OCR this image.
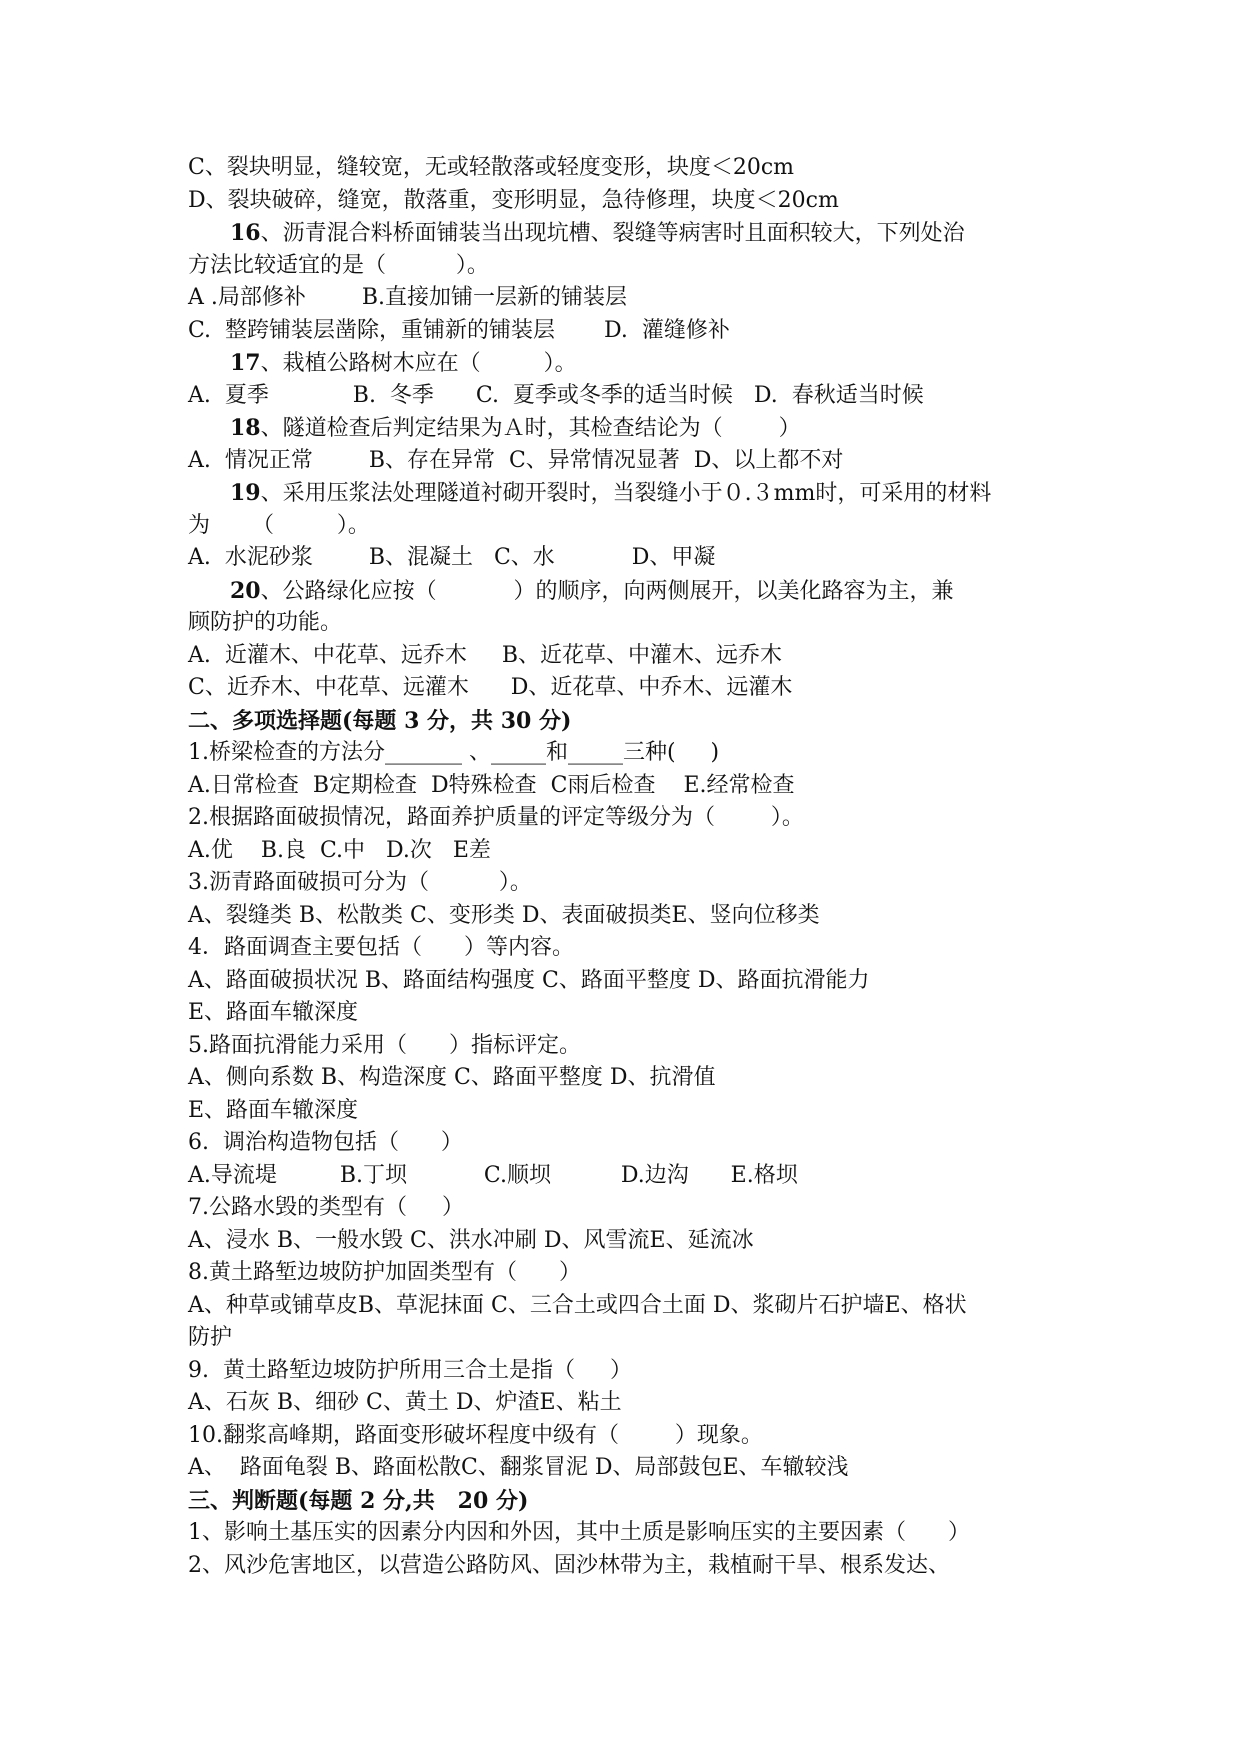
C、裂块明显，缝较宽，无或轻散落或轻度变形，块度＜20cm
D、裂块破碎，缝宽，散落重，变形明显，急待修理，块度＜20cm
16、沥青混合料桥面铺装当出现坑槽、裂缝等病害时且面积较大，下列处治
方法比较适宜的是（          ）。
A .局部修补        B.直接加铺一层新的铺装层
C.  整跨铺装层凿除，重铺新的铺装层       D.  灌缝修补
17、栽植公路树木应在（         ）。
A.  夏季            B.  冬季      C.  夏季或冬季的适当时候   D.  春秋适当时候
18、隧道检查后判定结果为Ａ时，其检查结论为（        ）
A.  情况正常        B、存在异常  C、异常情况显著  D、以上都不对
19、采用压浆法处理隧道衬砌开裂时，当裂缝小于０.３mm时，可采用的材料
为      （         ）。
A.  水泥砂浆        B、混凝土   C、水           D、甲凝
20、公路绿化应按（           ）的顺序，向两侧展开，以美化路容为主，兼
顾防护的功能。
A.  近灌木、中花草、远乔木     B、近花草、中灌木、远乔木
C、近乔木、中花草、远灌木      D、近花草、中乔木、远灌木
二、多项选择题(每题 3 分，共 30 分)
1.桥梁检查的方法分_______ 、_____和_____三种(     )
A.日常检查  B定期检查  D特殊检查  C雨后检查    E.经常检查
2.根据路面破损情况，路面养护质量的评定等级分为（        ）。
A.优    B.良  C.中   D.次   E差
3.沥青路面破损可分为（          ）。
A、裂缝类 B、松散类 C、变形类 D、表面破损类E、竖向位移类
4．路面调查主要包括（      ）等内容。
A、路面破损状况 B、路面结构强度 C、路面平整度 D、路面抗滑能力
E、路面车辙深度
5.路面抗滑能力采用（      ）指标评定。
A、侧向系数 B、构造深度 C、路面平整度 D、抗滑值
E、路面车辙深度
6.  调治构造物包括（      ）
A.导流堤         B.丁坝           C.顺坝          D.边沟      E.格坝
7.公路水毁的类型有（     ）
A、浸水 B、一般水毁 C、洪水冲刷 D、风雪流E、延流冰
8.黄土路堑边坡防护加固类型有（      ）
A、种草或铺草皮B、草泥抹面 C、三合土或四合土面 D、浆砌片石护墙E、格状
防护
9.  黄土路堑边坡防护所用三合土是指（     ）
A、石灰 B、细砂 C、黄土 D、炉渣E、粘土
10.翻浆高峰期，路面变形破坏程度中级有（        ）现象。
A、  路面龟裂 B、路面松散C、翻浆冒泥 D、局部鼓包E、车辙较浅
三、判断题(每题 2 分,共   20 分)
1、影响土基压实的因素分内因和外因，其中土质是影响压实的主要因素（      ）
2、风沙危害地区，以营造公路防风、固沙林带为主，栽植耐干旱、根系发达、
